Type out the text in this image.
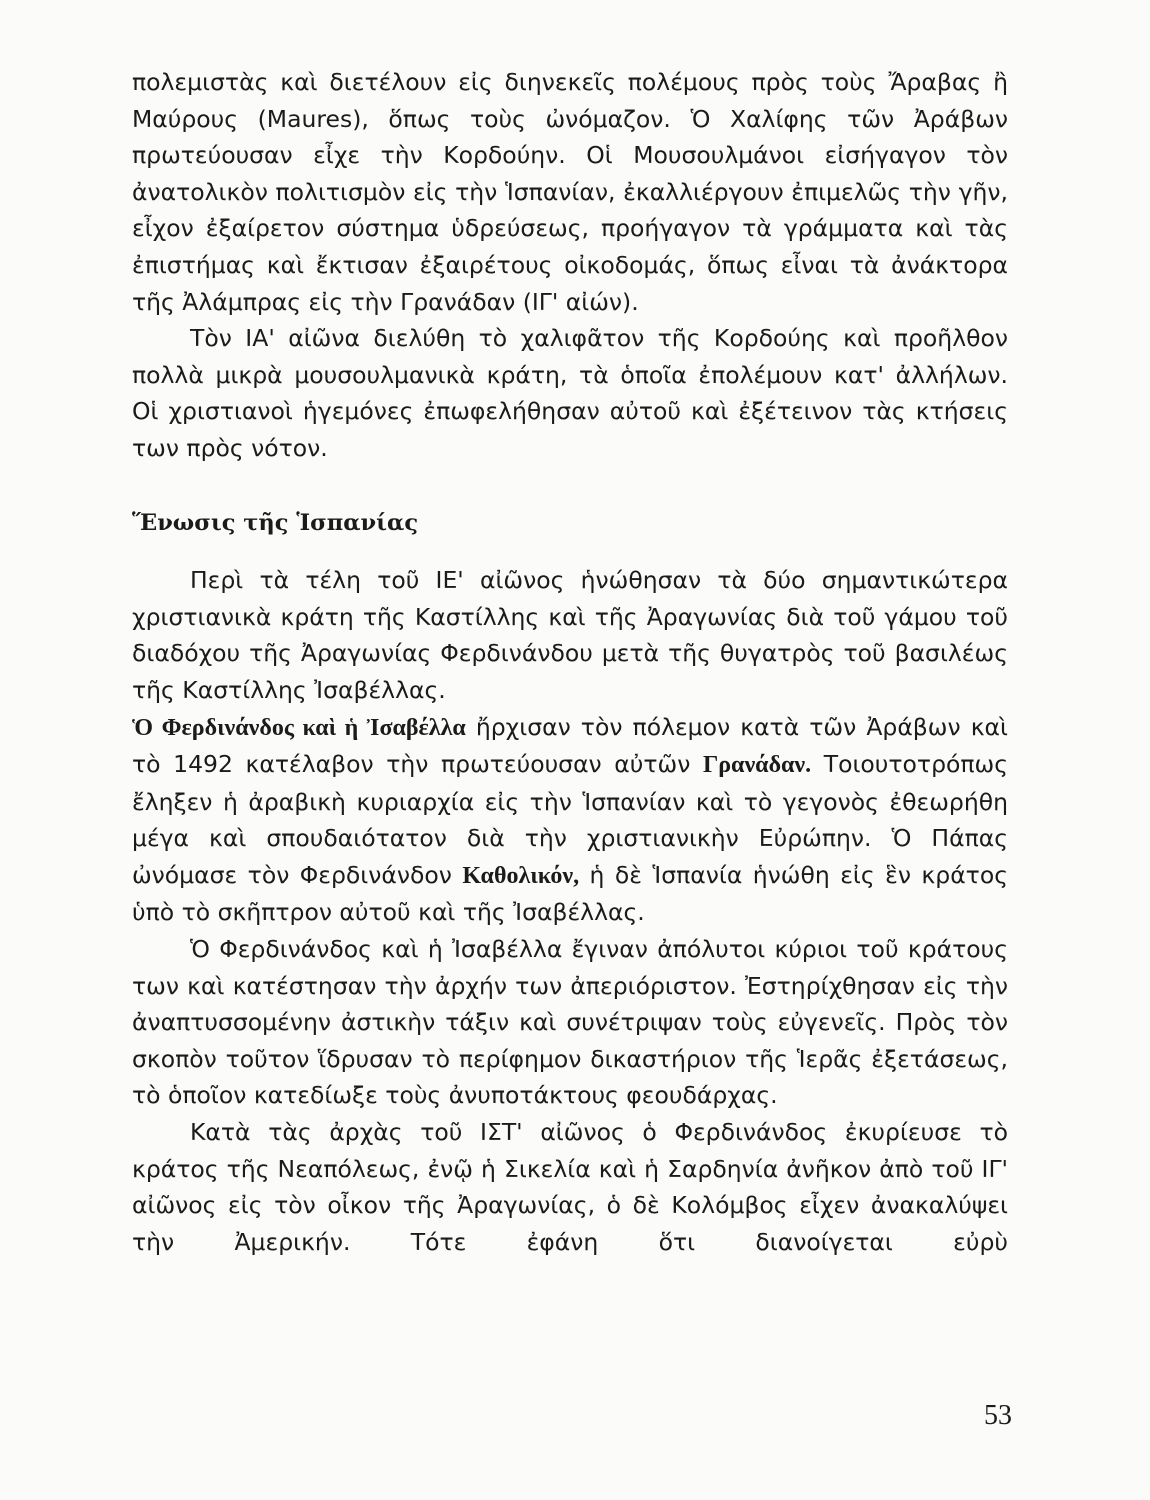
πολεμιστὰς καὶ διετέλουν εἰς διηνεκεῖς πολέμους πρὸς τοὺς Ἄραβας ἢ Μαύρους (Maures), ὅπως τοὺς ὠνόμαζον. Ὁ Χαλίφης τῶν Ἀράβων πρωτεύουσαν εἶχε τὴν Κορδούην. Οἱ Μουσουλμάνοι εἰσήγαγον τὸν ἀνατολικὸν πολιτισμὸν εἰς τὴν Ἱσπανίαν, ἐκαλλιέργουν ἐπιμελῶς τὴν γῆν, εἶχον ἐξαίρετον σύστημα ὑδρεύσεως, προήγαγον τὰ γράμματα καὶ τὰς ἐπιστήμας καὶ ἔκτισαν ἐξαιρέτους οἰκοδομάς, ὅπως εἶναι τὰ ἀνάκτορα τῆς Ἀλάμπρας εἰς τὴν Γρανάδαν (ΙΓ' αἰών).

Τὸν ΙΑ' αἰῶνα διελύθη τὸ χαλιφᾶτον τῆς Κορδούης καὶ προῆλθον πολλὰ μικρὰ μουσουλμανικὰ κράτη, τὰ ὁποῖα ἐπολέμουν κατ' ἀλλήλων. Οἱ χριστιανοὶ ἡγεμόνες ἐπωφελήθησαν αὐτοῦ καὶ ἐξέτεινον τὰς κτήσεις των πρὸς νότον.

Ἕνωσις τῆς Ἱσπανίας

Περὶ τὰ τέλη τοῦ ΙΕ' αἰῶνος ἡνώθησαν τὰ δύο σημαντικώτερα χριστιανικὰ κράτη τῆς Καστίλλης καὶ τῆς Ἀραγωνίας διὰ τοῦ γάμου τοῦ διαδόχου τῆς Ἀραγωνίας Φερδινάνδου μετὰ τῆς θυγατρὸς τοῦ βασιλέως τῆς Καστίλλης Ἰσαβέλλας.

Ὁ Φερδινάνδος καὶ ἡ Ἰσαβέλλα ἤρχισαν τὸν πόλεμον κατὰ τῶν Ἀράβων καὶ τὸ 1492 κατέλαβον τὴν πρωτεύουσαν αὐτῶν Γρανάδαν. Τοιουτοτρόπως ἔληξεν ἡ ἀραβικὴ κυριαρχία εἰς τὴν Ἱσπανίαν καὶ τὸ γεγονὸς ἐθεωρήθη μέγα καὶ σπουδαιότατον διὰ τὴν χριστιανικὴν Εὐρώπην. Ὁ Πάπας ὠνόμασε τὸν Φερδινάνδον Καθολικόν, ἡ δὲ Ἱσπανία ἡνώθη εἰς ἓν κράτος ὑπὸ τὸ σκῆπτρον αὐτοῦ καὶ τῆς Ἰσαβέλλας.

Ὁ Φερδινάνδος καὶ ἡ Ἰσαβέλλα ἔγιναν ἀπόλυτοι κύριοι τοῦ κράτους των καὶ κατέστησαν τὴν ἀρχήν των ἀπεριόριστον. Ἐστηρίχθησαν εἰς τὴν ἀναπτυσσομένην ἀστικὴν τάξιν καὶ συνέτριψαν τοὺς εὐγενεῖς. Πρὸς τὸν σκοπὸν τοῦτον ἵδρυσαν τὸ περίφημον δικαστήριον τῆς Ἱερᾶς ἐξετάσεως, τὸ ὁποῖον κατεδίωξε τοὺς ἀνυποτάκτους φεουδάρχας.

Κατὰ τὰς ἀρχὰς τοῦ ΙΣΤ' αἰῶνος ὁ Φερδινάνδος ἐκυρίευσε τὸ κράτος τῆς Νεαπόλεως, ἐνῷ ἡ Σικελία καὶ ἡ Σαρδηνία ἀνῆκον ἀπὸ τοῦ ΙΓ' αἰῶνος εἰς τὸν οἶκον τῆς Ἀραγωνίας, ὁ δὲ Κολόμβος εἶχεν ἀνακαλύψει τὴν Ἀμερικήν. Τότε ἐφάνη ὅτι διανοίγεται εὐρὺ

53
